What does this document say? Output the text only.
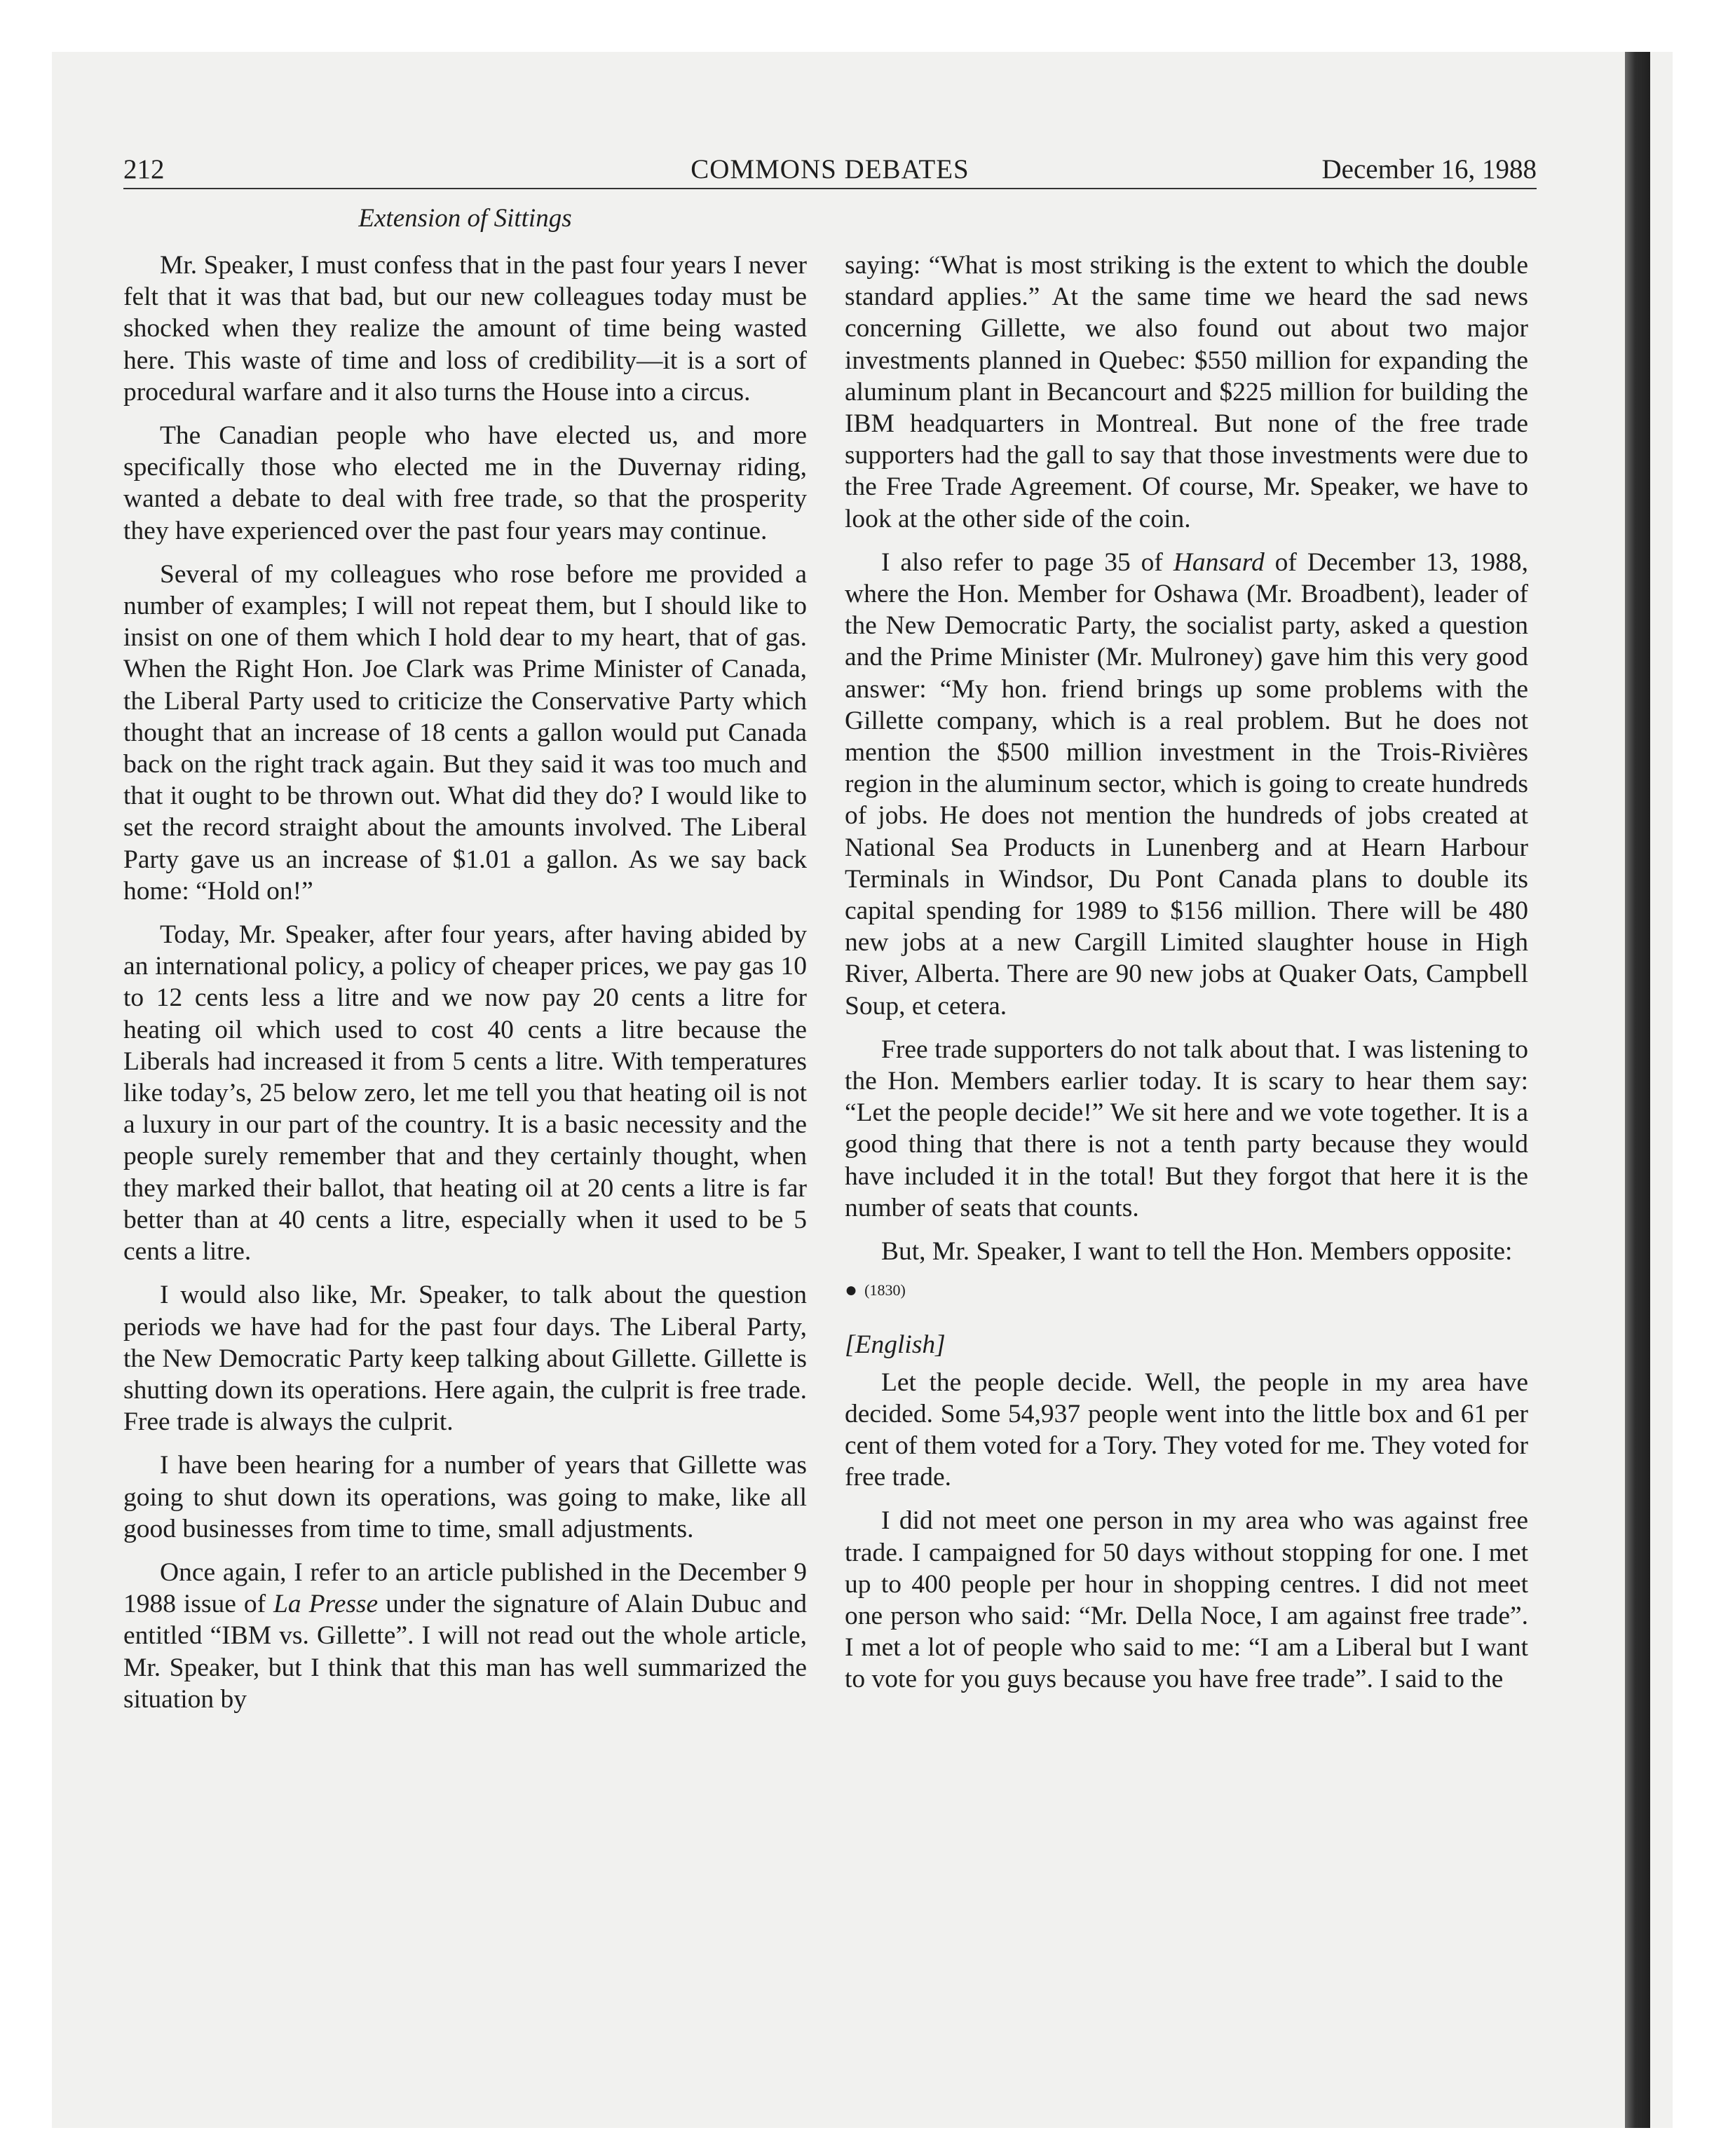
212	COMMONS DEBATES	December 16, 1988
Extension of Sittings

Mr. Speaker, I must confess that in the past four years I never felt that it was that bad, but our new colleagues today must be shocked when they realize the amount of time being wasted here. This waste of time and loss of credibility—it is a sort of procedural warfare and it also turns the House into a circus.

The Canadian people who have elected us, and more specifically those who elected me in the Duvernay riding, wanted a debate to deal with free trade, so that the prosperity they have experienced over the past four years may continue.

Several of my colleagues who rose before me provided a number of examples; I will not repeat them, but I should like to insist on one of them which I hold dear to my heart, that of gas. When the Right Hon. Joe Clark was Prime Minister of Canada, the Liberal Party used to criticize the Conservative Party which thought that an increase of 18 cents a gallon would put Canada back on the right track again. But they said it was too much and that it ought to be thrown out. What did they do? I would like to set the record straight about the amounts involved. The Liberal Party gave us an increase of $1.01 a gallon. As we say back home: “Hold on!”

Today, Mr. Speaker, after four years, after having abided by an international policy, a policy of cheaper prices, we pay gas 10 to 12 cents less a litre and we now pay 20 cents a litre for heating oil which used to cost 40 cents a litre because the Liberals had increased it from 5 cents a litre. With temperatures like today’s, 25 below zero, let me tell you that heating oil is not a luxury in our part of the country. It is a basic necessity and the people surely remember that and they certainly thought, when they marked their ballot, that heating oil at 20 cents a litre is far better than at 40 cents a litre, especially when it used to be 5 cents a litre.

I would also like, Mr. Speaker, to talk about the question periods we have had for the past four days. The Liberal Party, the New Democratic Party keep talking about Gillette. Gillette is shutting down its operations. Here again, the culprit is free trade. Free trade is always the culprit.

I have been hearing for a number of years that Gillette was going to shut down its operations, was going to make, like all good businesses from time to time, small adjustments.

Once again, I refer to an article published in the December 9 1988 issue of La Presse under the signature of Alain Dubuc and entitled “IBM vs. Gillette”. I will not read out the whole article, Mr. Speaker, but I think that this man has well summarized the situation by

saying: “What is most striking is the extent to which the double standard applies.” At the same time we heard the sad news concerning Gillette, we also found out about two major investments planned in Quebec: $550 million for expanding the aluminum plant in Becancourt and $225 million for building the IBM headquarters in Montreal. But none of the free trade supporters had the gall to say that those investments were due to the Free Trade Agreement. Of course, Mr. Speaker, we have to look at the other side of the coin.

I also refer to page 35 of Hansard of December 13, 1988, where the Hon. Member for Oshawa (Mr. Broadbent), leader of the New Democratic Party, the socialist party, asked a question and the Prime Minister (Mr. Mulroney) gave him this very good answer: “My hon. friend brings up some problems with the Gillette company, which is a real problem. But he does not mention the $500 million investment in the Trois-Rivières region in the aluminum sector, which is going to create hundreds of jobs. He does not mention the hundreds of jobs created at National Sea Products in Lunenberg and at Hearn Harbour Terminals in Windsor, Du Pont Canada plans to double its capital spending for 1989 to $156 million. There will be 480 new jobs at a new Cargill Limited slaughter house in High River, Alberta. There are 90 new jobs at Quaker Oats, Campbell Soup, et cetera.

Free trade supporters do not talk about that. I was listening to the Hon. Members earlier today. It is scary to hear them say: “Let the people decide!” We sit here and we vote together. It is a good thing that there is not a tenth party because they would have included it in the total! But they forgot that here it is the number of seats that counts.

But, Mr. Speaker, I want to tell the Hon. Members opposite:

● (1830)
[English]

Let the people decide. Well, the people in my area have decided. Some 54,937 people went into the little box and 61 per cent of them voted for a Tory. They voted for me. They voted for free trade.

I did not meet one person in my area who was against free trade. I campaigned for 50 days without stopping for one. I met up to 400 people per hour in shopping centres. I did not meet one person who said: “Mr. Della Noce, I am against free trade”. I met a lot of people who said to me: “I am a Liberal but I want to vote for you guys because you have free trade”. I said to the
